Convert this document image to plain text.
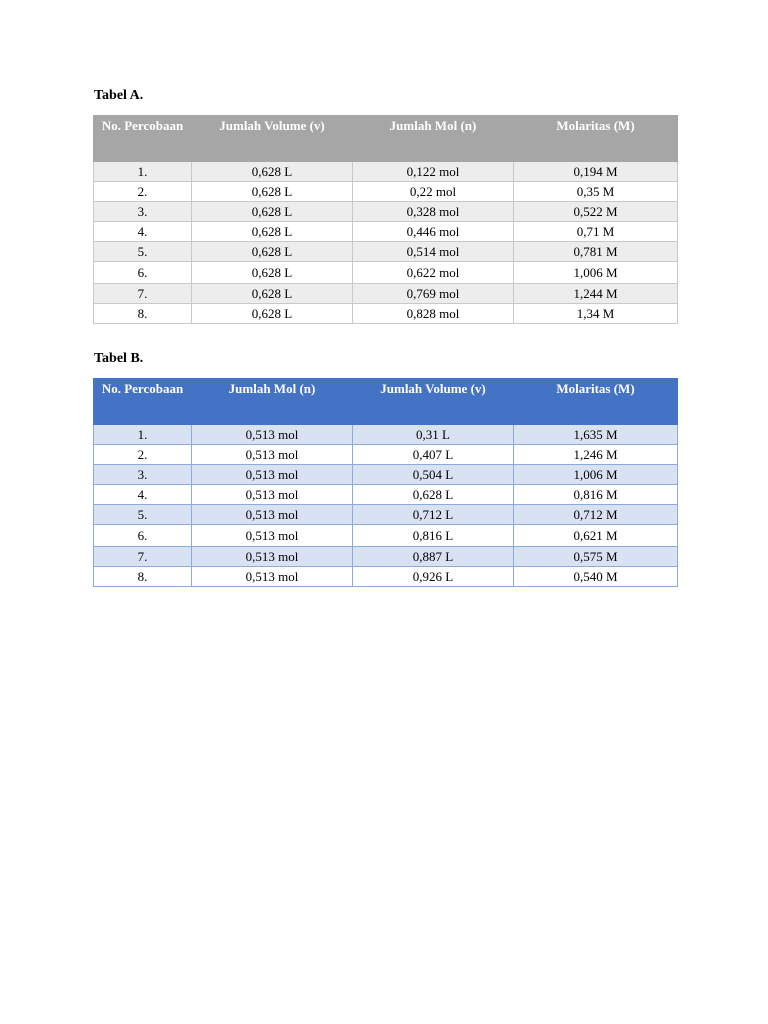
Tabel A.

No. Percobaan	Jumlah Volume (v)	Jumlah Mol (n)	Molaritas (M)
1.	0,628 L	0,122 mol	0,194 M
2.	0,628 L	0,22 mol	0,35 M
3.	0,628 L	0,328 mol	0,522 M
4.	0,628 L	0,446 mol	0,71 M
5.	0,628 L	0,514 mol	0,781 M
6.	0,628 L	0,622 mol	1,006 M
7.	0,628 L	0,769 mol	1,244 M
8.	0,628 L	0,828 mol	1,34 M

Tabel B.

No. Percobaan	Jumlah Mol (n)	Jumlah Volume (v)	Molaritas (M)
1.	0,513 mol	0,31 L	1,635 M
2.	0,513 mol	0,407 L	1,246 M
3.	0,513 mol	0,504 L	1,006 M
4.	0,513 mol	0,628 L	0,816 M
5.	0,513 mol	0,712 L	0,712 M
6.	0,513 mol	0,816 L	0,621 M
7.	0,513 mol	0,887 L	0,575 M
8.	0,513 mol	0,926 L	0,540 M
